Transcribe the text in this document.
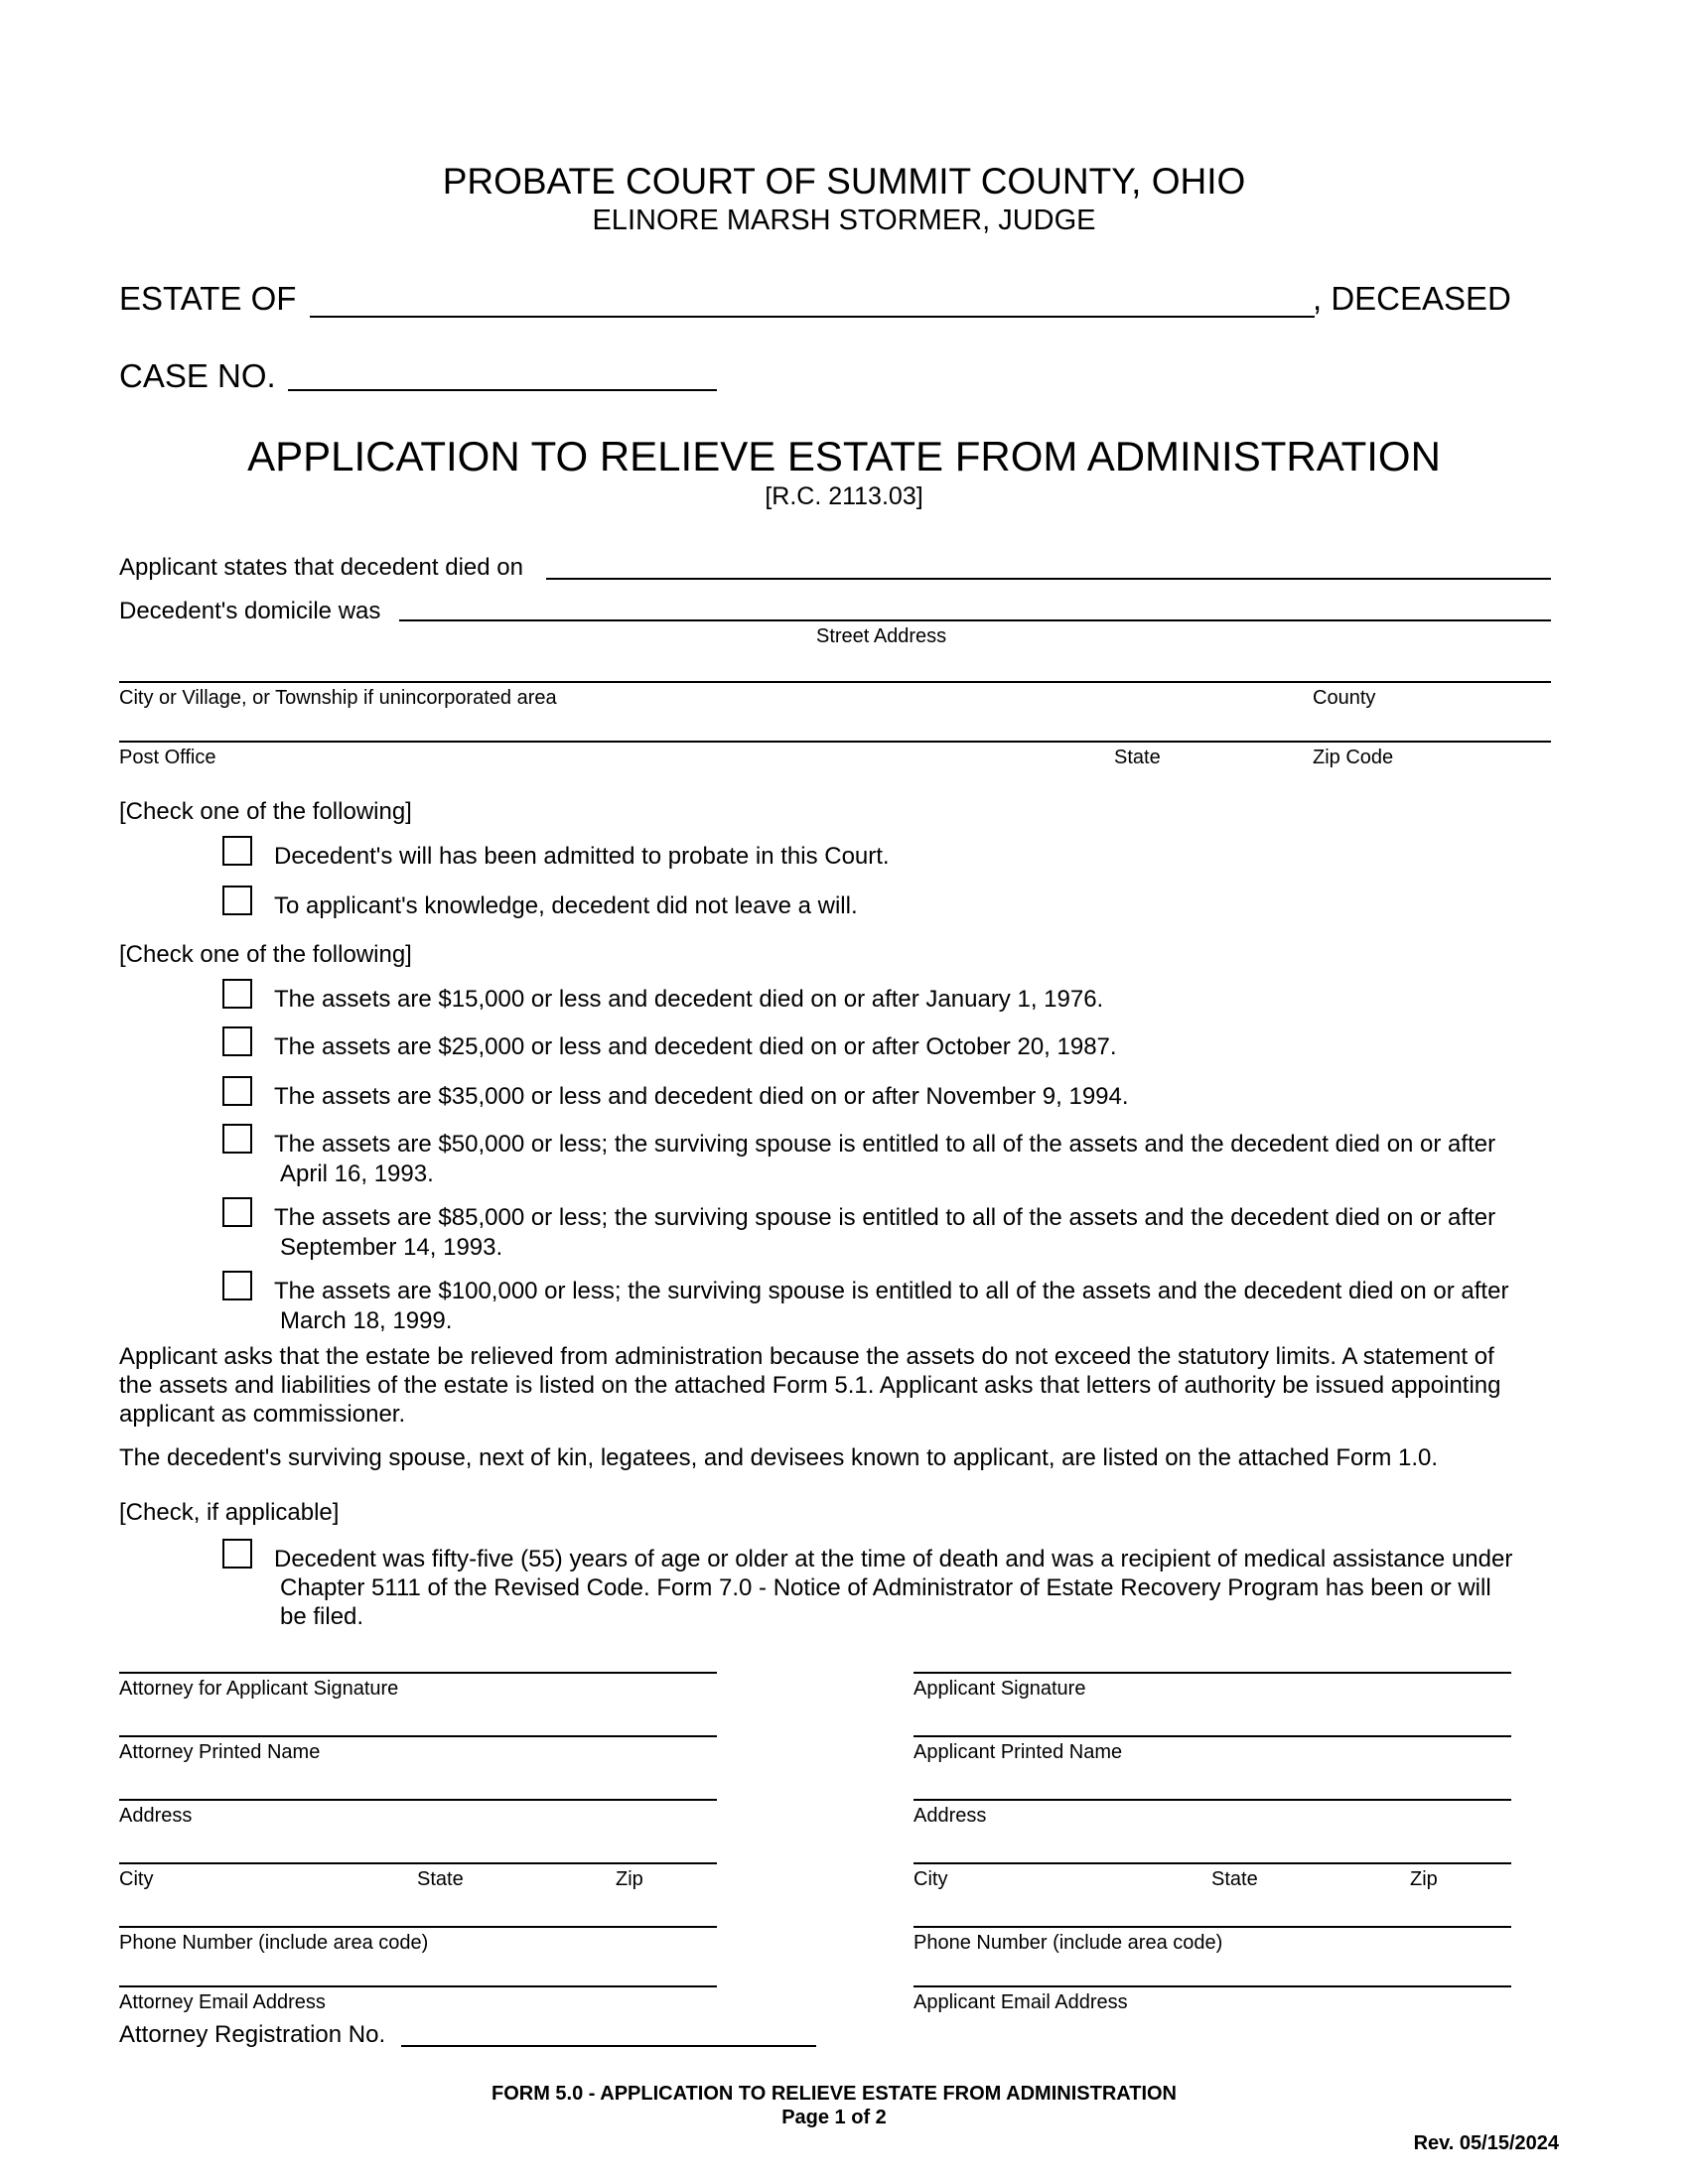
PROBATE COURT OF SUMMIT COUNTY, OHIO
ELINORE MARSH STORMER, JUDGE
ESTATE OF	, DECEASED
CASE NO.
APPLICATION TO RELIEVE ESTATE FROM ADMINISTRATION
[R.C. 2113.03]
Applicant states that decedent died on
Decedent's domicile was
Street Address
City or Village, or Township if unincorporated area	County
Post Office	State	Zip Code
[Check one of the following]
Decedent's will has been admitted to probate in this Court.
To applicant's knowledge, decedent did not leave a will.
[Check one of the following]
The assets are $15,000 or less and decedent died on or after January 1, 1976.
The assets are $25,000 or less and decedent died on or after October 20, 1987.
The assets are $35,000 or less and decedent died on or after November 9, 1994.
The assets are $50,000 or less; the surviving spouse is entitled to all of the assets and the decedent died on or after
April 16, 1993.
The assets are $85,000 or less; the surviving spouse is entitled to all of the assets and the decedent died on or after
September 14, 1993.
The assets are $100,000 or less; the surviving spouse is entitled to all of the assets and the decedent died on or after
March 18, 1999.
Applicant asks that the estate be relieved from administration because the assets do not exceed the statutory limits. A statement of
the assets and liabilities of the estate is listed on the attached Form 5.1. Applicant asks that letters of authority be issued appointing
applicant as commissioner.
The decedent's surviving spouse, next of kin, legatees, and devisees known to applicant, are listed on the attached Form 1.0.
[Check, if applicable]
Decedent was fifty-five (55) years of age or older at the time of death and was a recipient of medical assistance under
Chapter 5111 of the Revised Code. Form 7.0 - Notice of Administrator of Estate Recovery Program has been or will
be filed.
Attorney for Applicant Signature
Attorney Printed Name
Address
City	State	Zip
Phone Number (include area code)
Attorney Email Address
Attorney Registration No.
Applicant Signature
Applicant Printed Name
Address
City	State	Zip
Phone Number (include area code)
Applicant Email Address
FORM 5.0 - APPLICATION TO RELIEVE ESTATE FROM ADMINISTRATION
Page 1 of 2
Rev. 05/15/2024
